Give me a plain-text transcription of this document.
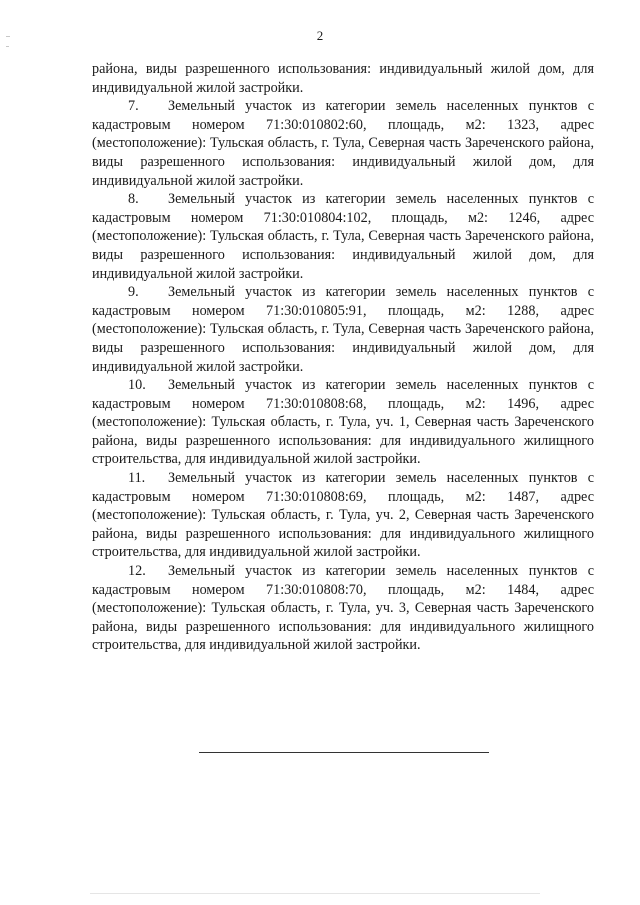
2

района, виды разрешенного использования: индивидуальный жилой дом, для индивидуальной жилой застройки.

7. Земельный участок из категории земель населенных пунктов с кадастровым номером 71:30:010802:60, площадь, м2: 1323, адрес (местоположение): Тульская область, г. Тула, Северная часть Зареченского района, виды разрешенного использования: индивидуальный жилой дом, для индивидуальной жилой застройки.

8. Земельный участок из категории земель населенных пунктов с кадастровым номером 71:30:010804:102, площадь, м2: 1246, адрес (местоположение): Тульская область, г. Тула, Северная часть Зареченского района, виды разрешенного использования: индивидуальный жилой дом, для индивидуальной жилой застройки.

9. Земельный участок из категории земель населенных пунктов с кадастровым номером 71:30:010805:91, площадь, м2: 1288, адрес (местоположение): Тульская область, г. Тула, Северная часть Зареченского района, виды разрешенного использования: индивидуальный жилой дом, для индивидуальной жилой застройки.

10. Земельный участок из категории земель населенных пунктов с кадастровым номером 71:30:010808:68, площадь, м2: 1496, адрес (местоположение): Тульская область, г. Тула, уч. 1, Северная часть Зареченского района, виды разрешенного использования: для индивидуального жилищного строительства, для индивидуальной жилой застройки.

11. Земельный участок из категории земель населенных пунктов с кадастровым номером 71:30:010808:69, площадь, м2: 1487, адрес (местоположение): Тульская область, г. Тула, уч. 2, Северная часть Зареченского района, виды разрешенного использования: для индивидуального жилищного строительства, для индивидуальной жилой застройки.

12. Земельный участок из категории земель населенных пунктов с кадастровым номером 71:30:010808:70, площадь, м2: 1484, адрес (местоположение): Тульская область, г. Тула, уч. 3, Северная часть Зареченского района, виды разрешенного использования: для индивидуального жилищного строительства, для индивидуальной жилой застройки.
